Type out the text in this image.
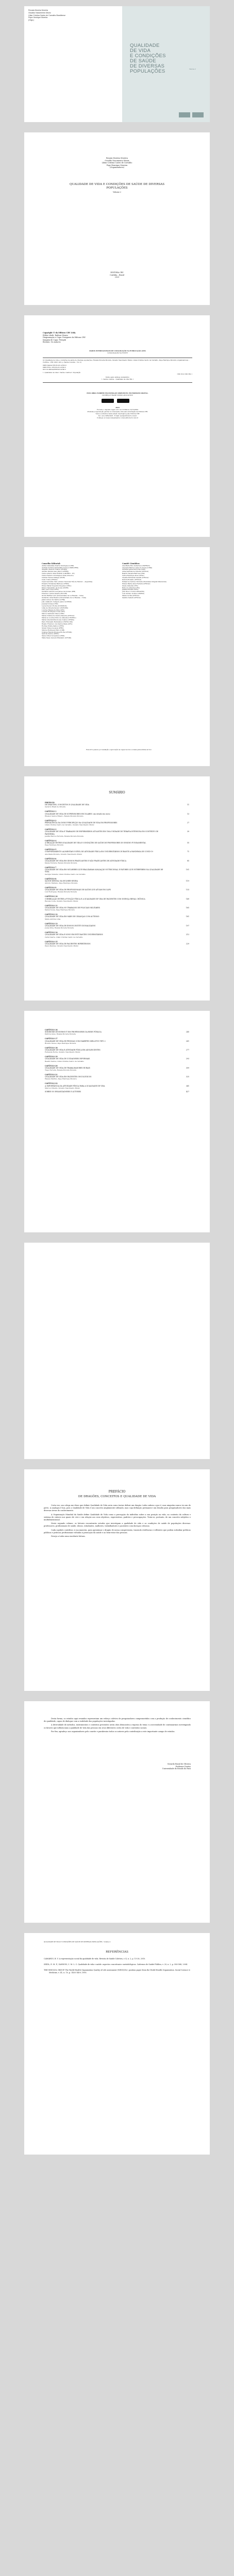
Renata Moreira Moreira

Osvaldo Nascimento Muniz

Lilian Cristina Castro de Carvalho Brasiliense

Pepe Henrique Moreira

(Orgs.)

QUALIDADE
DE VIDA
E CONDIÇÕES
DE SAÚDE
DE DIVERSAS
POPULAÇÕES	Volume 2

Renata Moreira Moreira

Osvaldo Nascimento Muniz

Lilian Cristina Castro de Carvalho

Pepe Henrique Moreira

(Organizadores)

QUALIDADE DE VIDA E CONDIÇÕES DE SAÚDE DE DIVERSAS POPULAÇÕES

Volume 2

EDITORA CRV

Curitiba – Brasil

2023

Copyright © da Editora CRV Ltda.

Editor-chefe: Railson Moura

Diagramação e Capa: Designers da Editora CRV

Imagem de Capa: Freepik

Revisão: Os Autores

DADOS INTERNACIONAIS DE CATALOGAÇÃO NA PUBLICAÇÃO (CIP)

CATALOGAÇÃO NA FONTE

Q1 Qualidade de vida e condições de saúde de diversas populações / Renata Moreira Moreira, Osvaldo Nascimento Muniz, Lilian Cristina Castro de Carvalho, Pepe Henrique Moreira (organizadores) – Curitiba : CRV, 2023. 432 p. (Saúde Coletiva – Vol. 2)

ISBN Digital 978-65-251-4795-6

ISBN Físico 978-65-251-4796-3

DOI 10.24824/978652514796.3

1. Qualidade de vida 2. Saúde coletiva 3. População

CDU 614 CDD 362.1

Índice para catálogo sistemático

1. Saúde coletiva – Qualidade de vida 362.1

ESTA OBRA TAMBÉM ENCONTRA-SE DISPONÍVEL EM FORMATO DIGITAL.

CONHEÇA E BAIXE NOSSO APLICATIVO!

2023

Foi feito o depósito legal conf. Lei 10.994 de 14/12/2004

Proibida a reprodução parcial ou total desta obra sem autorização da Editora CRV

Todos os direitos desta edição reservados pela: Editora CRV

Tel.: (41) 3039-6418 - E-mail: sac@editoracrv.com.br

Conheça os nossos lançamentos: www.editoracrv.com.br

Conselho Editorial:

Aldira Guimarães Duarte Domínguez (UNB)

Andréia da Silva Quintanilha Sousa (UNIR/UFRN)

Anselmo Alencar Colares (UFOPA)

Antônio Pereira Gaio Júnior (UFRRJ)

Carlos Alberto Vilar Estêvão (UMINHO – PT)

Carlos Federico Dominguez Avila (Unieuro)

Carmen Tereza Velanga (UNIR)

Celso Conti (UFSCar)

Cesar Gerónimo Tello (Univer. Nacional Três de Febrero – Argentina)

Eduardo Fernandes Barbosa (UFMG)

Elione Maria Nogueira Diogenes (UFAL)

Elizeu Clementino de Souza (UNEB)

Élsio José Corá (UFFS)

Fernando Antônio Gonçalves Alcoforado (IPB)

Francisco Carlos Duarte (PUC-PR)

Gloria Fariñas León (Universidade de La Havana – Cuba)

Guillermo Arias Beatón (Universidade de La Havana – Cuba)

Jailson Alves dos Santos (UFRJ)

João Adalberto Campato Junior (UNESP)

Josania Portela (UFPI)

Leonel Severo Rocha (UNISINOS)

Lídia de Oliveira Xavier (UNIEURO)

Lourdes Helena da Silva (UFV)

Luciano Rodrigues Costa (UFV)

Marcos Sarmento Melo (UFPI)

Maria Cristina dos Santos Bezerra (UFSCar)

Maria de Lourdes Pinto de Almeida (UNOESC)

Maria Lília Imbiriba Sousa Colares (UFOPA)

Paulo Romualdo Hernandes (UNIFAL-MG)

Renato Francisco dos Santos Paula (UFG)

Rodrigo Pratte-Santos (UFES)

Sérgio Nunes de Jesus (IFRO)

Simone Rodrigues Pinto (UNB)

Solange Helena Ximenes-Rocha (UFOPA)

Sydione Santos (UEPG)

Tadeu Oliver Gonçalves (UFPA)

Tânia Suely Azevedo Brasileiro (UFOPA)

Comitê Científico:

Ana Maria Rico Gutierrez (UNIFRAN)

Ana Sara Barros Lemes de Souza (UEPA)

Andréia Aparecida Sousa (USP)

Anna Gabriela de Oliveira (UFSCar)

Beatriz Teixeira Barrosa (USP)

Carlos Henrique Alves (UFAL)

Claudia Fernanda Casselli (UFSCar)

Débora Bonadio (UFSCar)

Edmarcus Cardoso Ferreira (Faculdade Integral Diferencial)

Elizete Maria Alves Ferreira (UFSCar)

Gisele Almeida (UFG)

Hélio de Almeida (UFG)

Janaína Rozana (UFG)

João Bosco Costa (UNIVATES)

Luiz Antonio Gomes (UNIRIO)

Maria Cecília (UFSCar)

Sandra Castelli (UFSCar)

Este livro passou por avaliação e aprovação às cegas de dois ou mais pareceristas ad hoc.

SUMÁRIO

PREFÁCIO

DE DRAGÕES, CONCEITOS E QUALIDADE DE VIDA	11

Gerardo Brasil de Oliveira

CAPÍTULO 1

QUALIDADE DE VIDA DE SUPERVISORES ESCOLARES: um estudo em curso	13

Elielson Santos Ribeiro, Renata Moreira Moreira

CAPÍTULO 2

PREVALÊNCIA DA DOR E PERCEPÇÃO DA QUALIDADE DE VIDA EM PROFESSORES	27

Lilian Cristina Castro de Carvalho, Osvaldo Nascimento Muniz

CAPÍTULO 3

QUALIDADE DE VIDA E TRABALHO DE ENFERMEIROS ATUANTES EM UMA UNIDADE DE TERAPIA INTENSIVA EM CONTEXTO DE PANDEMIA
39

Jeniffer Barros Ferreira, Renata Moreira Moreira

CAPÍTULO 4

A RELAÇÃO ENTRE QUALIDADE DE VIDA E CONDIÇÕES DE SAÚDE DE PROFESSORES DO ENSINO FUNDAMENTAL	55

Pepe Henrique Moreira

CAPÍTULO 5

COMPORTAMENTO ALIMENTAR E NÍVEL DE ATIVIDADE FÍSICA EM UNIVERSITÁRIOS DURANTE A PANDEMIA DE COVID-19	71

Ana Paula Moreira, Osvaldo Nascimento Muniz

CAPÍTULO 6

QUALIDADE DE VIDA EM IDOSOS PRATICANTES E NÃO PRATICANTES DE ATIVIDADE FÍSICA	85

Kássia Ferreira, Renata Moreira Moreira

CAPÍTULO 7

QUALIDADE DE VIDA EM MULHERES QUE REALIZARAM AVALIAÇÃO NUTRICIONAL E FATORES QUE INTERFEREM NA QUALIDADE DE VIDA
101

Geórgia Teixeira, Lilian Cristina Castro de Carvalho

CAPÍTULO 8

SAÚDE MENTAL NA MULHER NEGRA	119

Antonio Mariano, Pepe Henrique Moreira

CAPÍTULO 9

QUALIDADE DE VIDA DE PROFISSIONAIS DE SAÚDE QUE ATUAM EM CAPS	133

Luiz Rodrigues, Renata Moreira Moreira

CAPÍTULO 10

CORRELAÇÃO ENTRE A FUNÇÃO FÍSICA E A QUALIDADE DE VIDA DE PACIENTES COM DOENÇA RENAL CRÔNICA	149

Ravena Costa, Osvaldo Nascimento Muniz

CAPÍTULO 11

QUALIDADE DE VIDA NO TRABALHO DE POLICIAIS MILITARES	165

Daniel Souza, Pepe Henrique Moreira

CAPÍTULO 12

QUALIDADE DE VIDA EM MÃES DE CRIANÇAS COM AUTISMO	181

Maria Antônia Lima

CAPÍTULO 13

QUALIDADE DE VIDA DE IDOSOS INSTITUCIONALIZADOS	197

Joana Silva, Renata Moreira Moreira

CAPÍTULO 14

QUALIDADE DE VIDA E SONO EM ESTUDANTES UNIVERSITÁRIOS	213

Carla Duarte, Lilian Cristina Castro de Carvalho

CAPÍTULO 15

QUALIDADE DE VIDA DE PACIENTES HIPERTENSOS	229

Paulo Mendes, Osvaldo Nascimento Muniz

CAPÍTULO 16

SINDROME DE BURNOUT EM PROFESSORES DA REDE PÚBLICA	245

Patrícia Alves, Renata Moreira Moreira

CAPÍTULO 17

QUALIDADE DE VIDA DE PESSOAS COM DIABETES MELLITUS TIPO 2	261

Ricardo Nunes, Pepe Henrique Moreira

CAPÍTULO 18

QUALIDADE DE VIDA E ATIVIDADE FÍSICA EM ADOLESCENTES	277

Fernanda Rocha, Osvaldo Nascimento Muniz

CAPÍTULO 19

QUALIDADE DE VIDA DE CUIDADORES INFORMAIS	293

Beatriz Santos, Lilian Cristina Castro de Carvalho

CAPÍTULO 20

QUALIDADE DE VIDA DE TRABALHADORES RURAIS	309

Tiago Ferreira, Renata Moreira Moreira

CAPÍTULO 21

QUALIDADE DE VIDA EM PACIENTES ONCOLÓGICOS	325

Helena Martins, Pepe Henrique Moreira

CAPÍTULO 22

A IMPORTÂNCIA DA ATIVIDADE FÍSICA PARA A QUALIDADE DE VIDA	341

Marcos Oliveira, Osvaldo Nascimento Muniz

SOBRE OS ORGANIZADORES E AUTORES	427

PREFÁCIO

DE DRAGÕES, CONCEITOS E QUALIDADE DE VIDA

Certa vez, um colega me disse que definir Qualidade de Vida seria como tentar definir um dragão: todos sabem o que é, mas ninguém nunca viu um de perto. A analogia é boa, pois a Qualidade de Vida é um conceito amplamente utilizado, mas cuja definição permanece um desafio para pesquisadores das mais diversas áreas do conhecimento.

A Organização Mundial da Saúde define Qualidade de Vida como a percepção do indivíduo sobre a sua posição na vida, no contexto da cultura e sistema de valores nos quais ele vive e em relação aos seus objetivos, expectativas, padrões e preocupações. Trata-se, portanto, de um conceito subjetivo e multidimensional.

Neste segundo volume, os leitores encontrarão estudos que investigam a qualidade de vida e as condições de saúde de populações diversas: professores, profissionais de saúde, idosos, estudantes, mulheres, trabalhadores e pacientes com doenças crônicas.

Cada capítulo contribui, à sua maneira, para aproximar o dragão de nossa compreensão, trazendo evidências e reflexões que podem subsidiar políticas públicas e práticas profissionais voltadas à promoção da saúde e ao bem-estar das pessoas.

Desejo a todos uma excelente leitura.

Desta forma, os estudos aqui reunidos representam um esforço coletivo de pesquisadores comprometidos com a produção de conhecimento científico de qualidade, capaz de dialogar com a realidade das populações investigadas.

A diversidade de métodos, instrumentos e contextos presentes nesta obra demonstra a riqueza do tema e a necessidade de continuarmos investigando os fatores que influenciam a qualidade de vida das pessoas em seus diferentes ciclos de vida e contextos sociais.

Por fim, agradeço aos organizadores pelo convite e parabenizo todos os autores pela contribuição a este importante campo de estudos.

Gerardo Brasil de Oliveira

Professor Doutor

Universidade do Estado do Pará

QUALIDADE DE VIDA E CONDIÇÕES DE SAÚDE DE DIVERSAS POPULAÇÕES - Volume 2

REFERÊNCIAS

CAMARGO, B. V. A representação social da qualidade de vida. Revista de Saúde Coletiva, v. 4, n. 2, p. 15-28, 2010.

SEIDL, E. M. F.; ZANNON, C. M. L. C. Qualidade de vida e saúde: aspectos conceituais e metodológicos. Cadernos de Saúde Pública, v. 20, n. 2, p. 580-588, 2004.

THE WHOQOL GROUP. The World Health Organization Quality of Life assessment (WHOQOL): position paper from the World Health Organization. Social Science & Medicine, v. 41, n. 10, p. 1403-1409, 1995.
